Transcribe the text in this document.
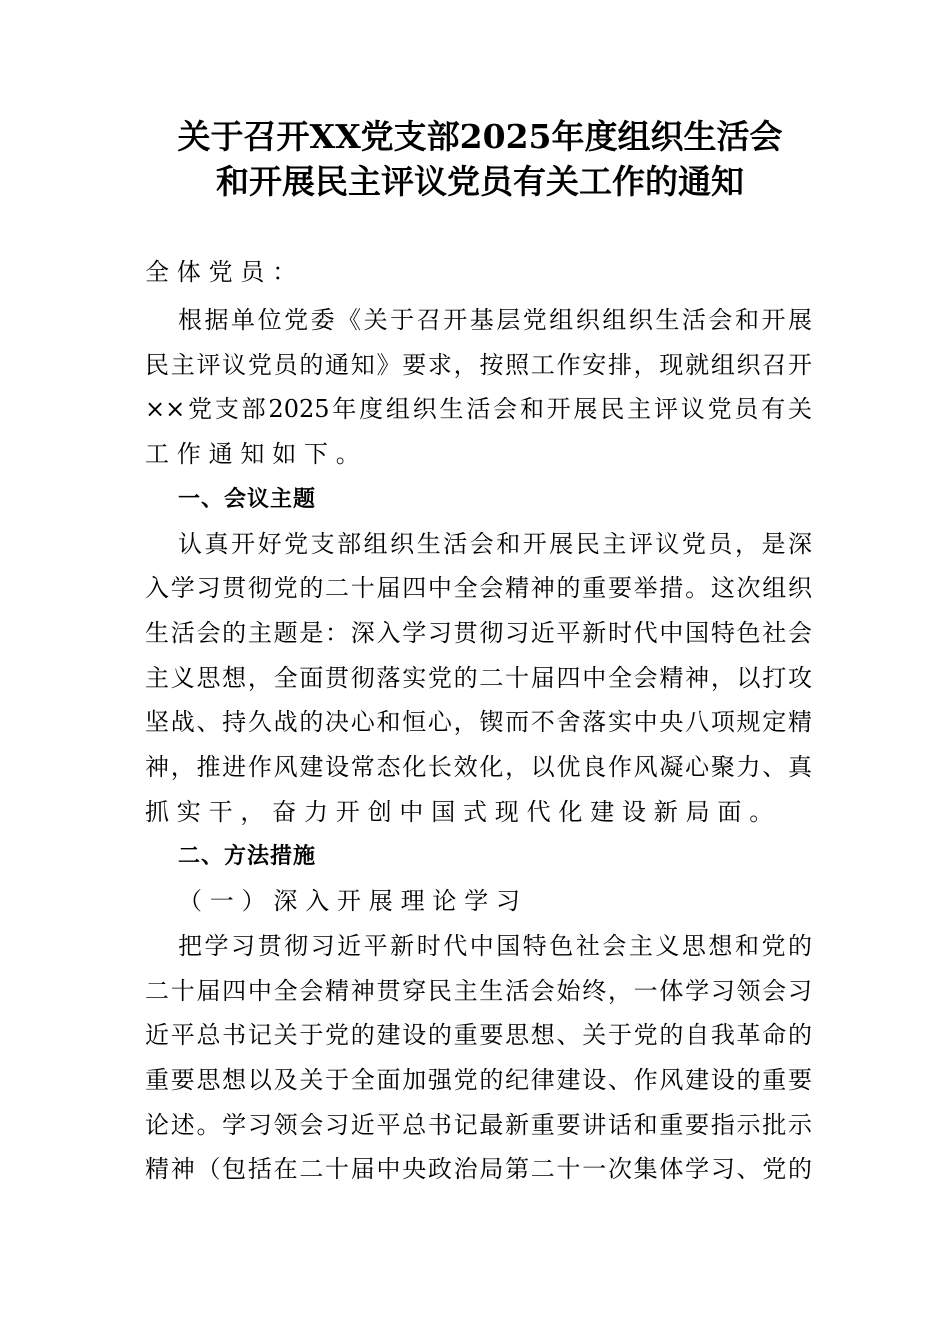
关于召开XX党支部2025年度组织生活会
和开展民主评议党员有关工作的通知
全体党员：
根据单位党委《关于召开基层党组织组织生活会和开展
民主评议党员的通知》要求，按照工作安排，现就组织召开
××党支部2025年度组织生活会和开展民主评议党员有关
工作通知如下。
一、会议主题
认真开好党支部组织生活会和开展民主评议党员，是深
入学习贯彻党的二十届四中全会精神的重要举措。这次组织
生活会的主题是：深入学习贯彻习近平新时代中国特色社会
主义思想，全面贯彻落实党的二十届四中全会精神，以打攻
坚战、持久战的决心和恒心，锲而不舍落实中央八项规定精
神，推进作风建设常态化长效化，以优良作风凝心聚力、真
抓实干，奋力开创中国式现代化建设新局面。
二、方法措施
（一）深入开展理论学习
把学习贯彻习近平新时代中国特色社会主义思想和党的
二十届四中全会精神贯穿民主生活会始终，一体学习领会习
近平总书记关于党的建设的重要思想、关于党的自我革命的
重要思想以及关于全面加强党的纪律建设、作风建设的重要
论述。学习领会习近平总书记最新重要讲话和重要指示批示
精神（包括在二十届中央政治局第二十一次集体学习、党的
